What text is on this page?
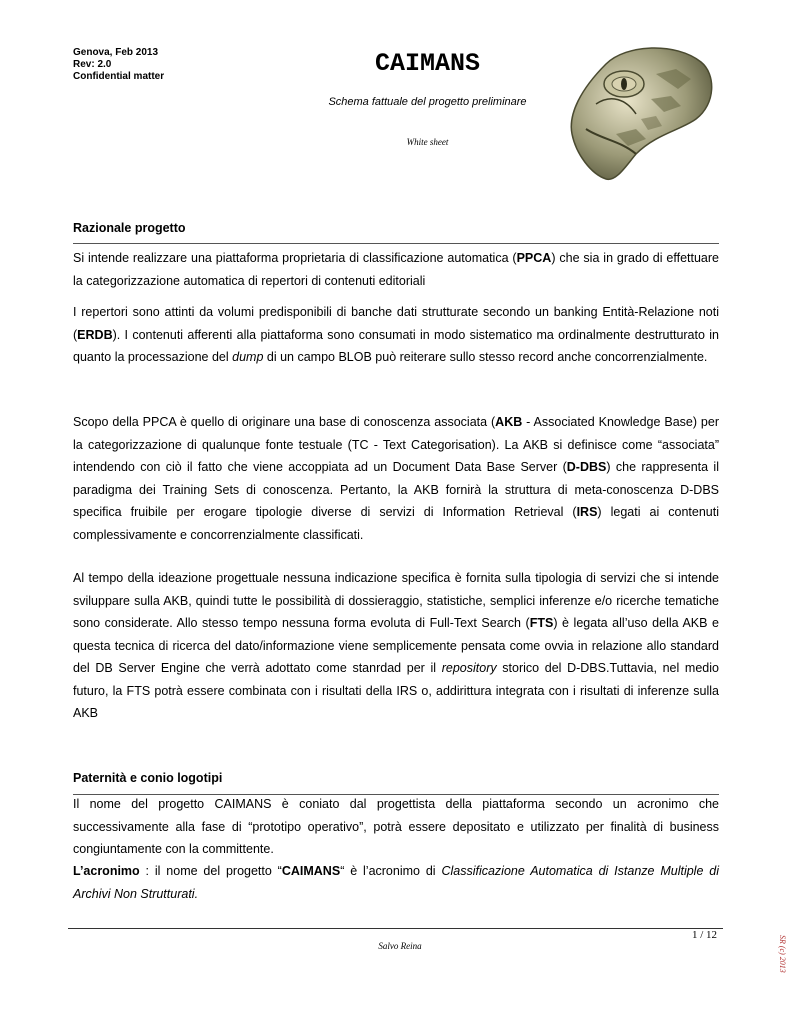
Genova, Feb 2013
Rev: 2.0
Confidential matter	CAIMANS
Schema fattuale del progetto preliminare
White sheet
Razionale progetto

Si intende realizzare una piattaforma proprietaria di classificazione automatica (PPCA) che sia in grado di effettuare la categorizzazione automatica di repertori di contenuti editoriali

I repertori sono attinti da volumi predisponibili di banche dati strutturate secondo un banking Entità-Relazione noti (ERDB). I contenuti afferenti alla piattaforma sono consumati in modo sistematico ma ordinalmente destrutturato in quanto la processazione del dump di un campo BLOB può reiterare sullo stesso record anche concorrenzialmente.

Scopo della PPCA è quello di originare una base di conoscenza associata (AKB - Associated Knowledge Base) per la categorizzazione di qualunque fonte testuale (TC - Text Categorisation). La AKB si definisce come “associata” intendendo con ciò il fatto che viene accoppiata ad un Document Data Base Server (D-DBS) che rappresenta il paradigma dei Training Sets di conoscenza. Pertanto, la AKB fornirà la struttura di meta-conoscenza D-DBS specifica fruibile per erogare tipologie diverse di servizi di Information Retrieval (IRS) legati ai contenuti complessivamente e concorrenzialmente classificati.

Al tempo della ideazione progettuale nessuna indicazione specifica è fornita sulla tipologia di servizi che si intende sviluppare sulla AKB, quindi tutte le possibilità di dossieraggio, statistiche, semplici inferenze e/o ricerche tematiche sono considerate. Allo stesso tempo nessuna forma evoluta di Full-Text Search (FTS) è legata all’uso della AKB e questa tecnica di ricerca del dato/informazione viene semplicemente pensata come ovvia in relazione allo standard del DB Server Engine che verrà adottato come stanrdad per il repository storico del D-DBS.Tuttavia, nel medio futuro, la FTS potrà essere combinata con i risultati della IRS o, addirittura integrata con i risultati di inferenze sulla AKB

Paternità e conio logotipi

Il nome del progetto CAIMANS è coniato dal progettista della piattaforma secondo un acronimo che successivamente alla fase di “prototipo operativo”, potrà essere depositato e utilizzato per finalità di business congiuntamente con la committente.

L’acronimo : il nome del progetto “CAIMANS“ è l’acronimo di Classificazione Automatica di Istanze Multiple di Archivi Non Strutturati.

1 / 12
Salvo Reina	SR (c) 2013
